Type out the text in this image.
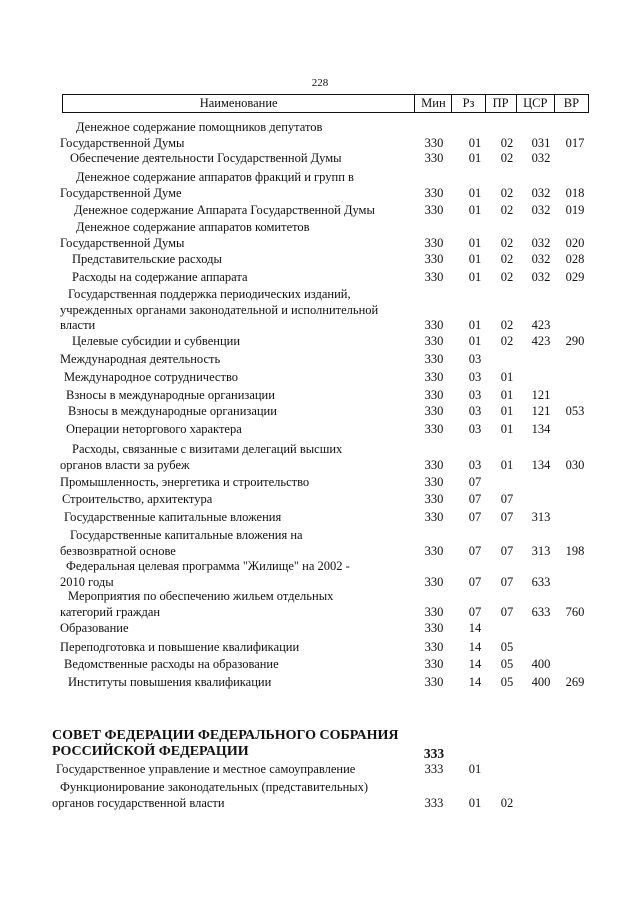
228
Наименование	Мин	Рз	ПР	ЦСР	ВР
Денежное содержание помощников депутатов
Государственной Думы	330	01	02	031	017
Обеспечение деятельности Государственной Думы	330	01	02	032
Денежное содержание аппаратов фракций и групп в
Государственной Думе	330	01	02	032	018
Денежное содержание Аппарата Государственной Думы	330	01	02	032	019
Денежное содержание аппаратов комитетов
Государственной Думы	330	01	02	032	020
Представительские расходы	330	01	02	032	028
Расходы на содержание аппарата	330	01	02	032	029
Государственная поддержка периодических изданий,
учрежденных органами законодательной и исполнительной
власти	330	01	02	423
Целевые субсидии и субвенции	330	01	02	423	290
Международная деятельность	330	03
Международное сотрудничество	330	03	01
Взносы в международные организации	330	03	01	121
Взносы в международные организации	330	03	01	121	053
Операции неторгового характера	330	03	01	134
Расходы, связанные с визитами делегаций высших
органов власти за рубеж	330	03	01	134	030
Промышленность, энергетика и строительство	330	07
Строительство, архитектура	330	07	07
Государственные капитальные вложения	330	07	07	313
Государственные капитальные вложения на
безвозвратной основе	330	07	07	313	198
Федеральная целевая программа "Жилище" на 2002 -
2010 годы	330	07	07	633
Мероприятия по обеспечению жильем отдельных
категорий граждан	330	07	07	633	760
Образование	330	14
Переподготовка и повышение квалификации	330	14	05
Ведомственные расходы на образование	330	14	05	400
Институты повышения квалификации	330	14	05	400	269
СОВЕТ ФЕДЕРАЦИИ ФЕДЕРАЛЬНОГО СОБРАНИЯ
РОССИЙСКОЙ ФЕДЕРАЦИИ	333
Государственное управление и местное самоуправление	333	01
Функционирование законодательных (представительных)
органов государственной власти	333	01	02
